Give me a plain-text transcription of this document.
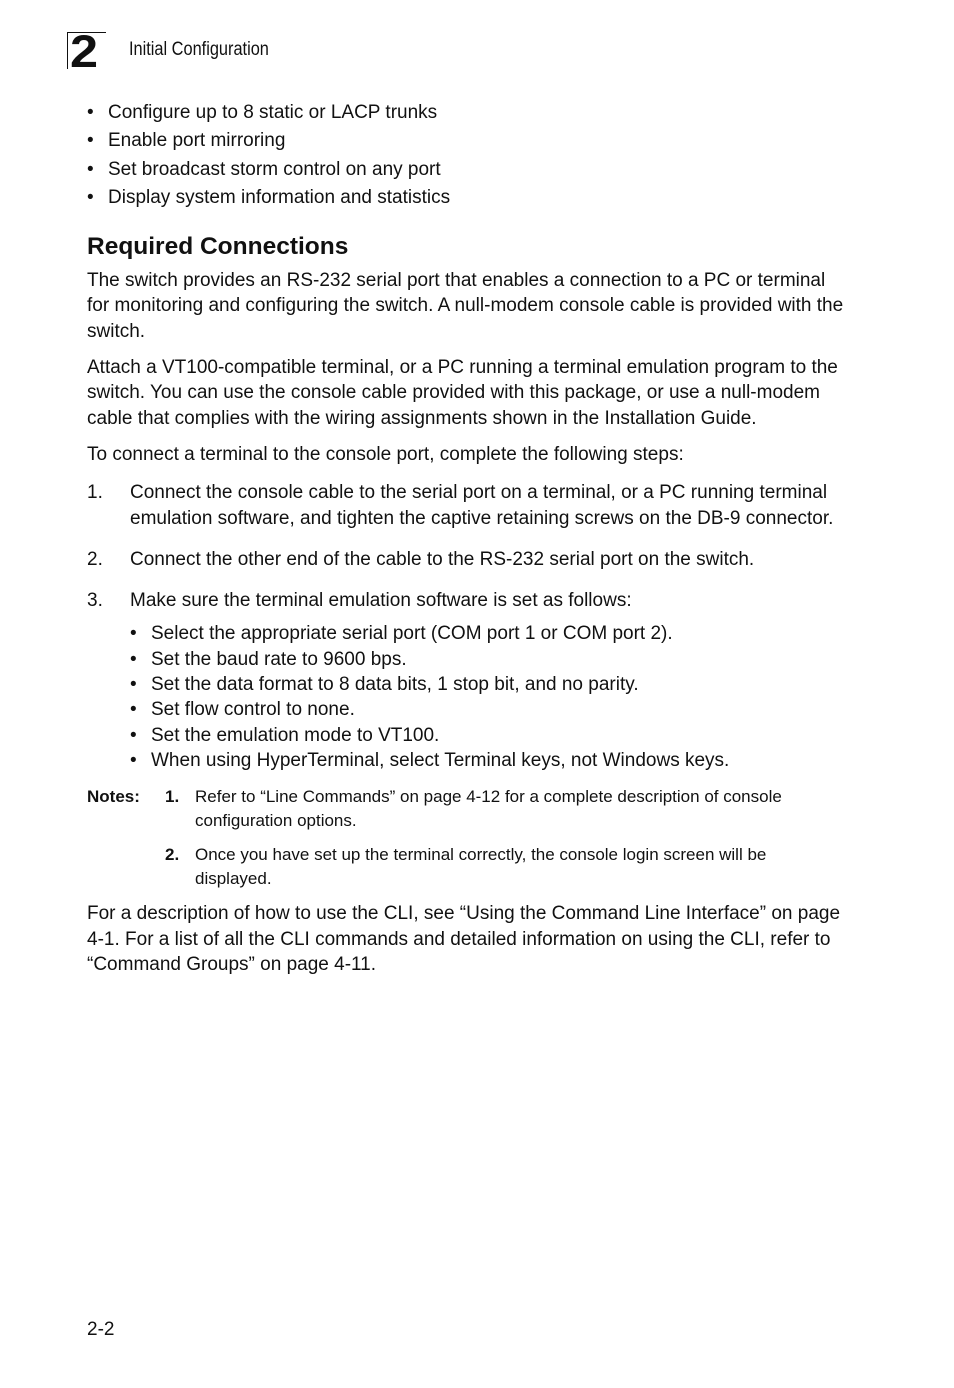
2 Initial Configuration
• Configure up to 8 static or LACP trunks
• Enable port mirroring
• Set broadcast storm control on any port
• Display system information and statistics
Required Connections

The switch provides an RS-232 serial port that enables a connection to a PC or terminal for monitoring and configuring the switch. A null-modem console cable is provided with the switch.

Attach a VT100-compatible terminal, or a PC running a terminal emulation program to the switch. You can use the console cable provided with this package, or use a null-modem cable that complies with the wiring assignments shown in the Installation Guide.

To connect a terminal to the console port, complete the following steps:

1. Connect the console cable to the serial port on a terminal, or a PC running terminal emulation software, and tighten the captive retaining screws on the DB-9 connector.
2. Connect the other end of the cable to the RS-232 serial port on the switch.
3. Make sure the terminal emulation software is set as follows:
• Select the appropriate serial port (COM port 1 or COM port 2).
• Set the baud rate to 9600 bps.
• Set the data format to 8 data bits, 1 stop bit, and no parity.
• Set flow control to none.
• Set the emulation mode to VT100.
• When using HyperTerminal, select Terminal keys, not Windows keys.
Notes: 1. Refer to “Line Commands” on page 4-12 for a complete description of console configuration options.
2. Once you have set up the terminal correctly, the console login screen will be displayed.

For a description of how to use the CLI, see “Using the Command Line Interface” on page 4-1. For a list of all the CLI commands and detailed information on using the CLI, refer to “Command Groups” on page 4-11.

2-2
